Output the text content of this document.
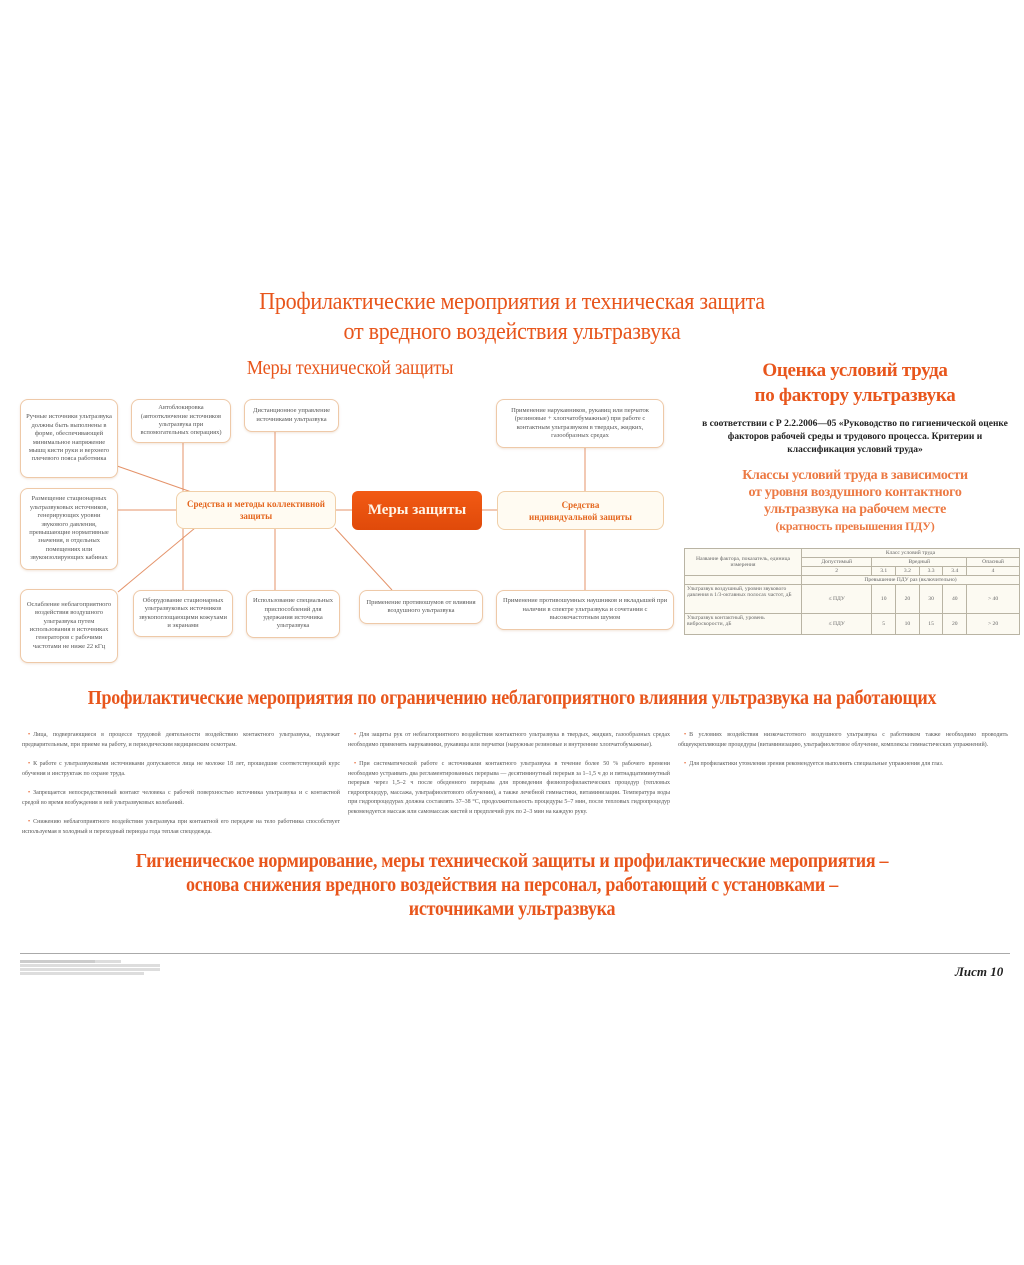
Профилактические мероприятия и техническая защита
от вредного воздействия ультразвука
Меры технической защиты
Ручные источники ультразвука должны быть выполнены в форме, обеспечивающей минимальное напряжение мышц кисти руки и верхнего плечевого пояса работника
Автоблокировка (автоотключение источников ультразвука при вспомогательных операциях)
Дистанционное управление источниками ультразвука
Размещение стационарных ультразвуковых источников, генерирующих уровни звукового давления, превышающие нормативные значения, в отдельных помещениях или звукоизолирующих кабинах
Ослабление неблагоприятного воздействия воздушного ультразвука путем использования в источниках генераторов с рабочими частотами не ниже 22 кГц
Оборудование стационарных ультразвуковых источников звукопоглощающими кожухами и экранами
Использование специальных приспособлений для удержания источника ультразвука
Применение противошумов от влияния воздушного ультразвука
Средства и методы коллективной защиты	Меры защиты	Средства индивидуальной защиты
Применение нарукавников, рукавиц или перчаток (резиновые + хлопчатобумажные) при работе с контактным ультразвуком в твердых, жидких, газообразных средах
Применение противошумных наушников и вкладышей при наличии в спектре ультразвука и сочетании с высокочастотным шумом
Оценка условий труда
по фактору ультразвука
в соответствии с Р 2.2.2006—05 «Руководство по гигиенической оценке факторов рабочей среды и трудового процесса. Критерии и классификация условий труда»
Классы условий труда в зависимости
от уровня воздушного контактного
ультразвука на рабочем месте
(кратность превышения ПДУ)
Название фактора, показатель, единица измерения	Класс условий труда					
	Допустимый	Вредный				Опасный
	2	3.1	3.2	3.3	3.4	4
	Превышение ПДУ раз (включительно)					
Ультразвук воздушный, уровни звукового давления в 1/3-октавных полосах частот, дБ	≤ ПДУ	10	20	30	40	> 40
Ультразвук контактный, уровень виброскорости, дБ	≤ ПДУ	5	10	15	20	> 20
Профилактические мероприятия по ограничению неблагоприятного влияния ультразвука на работающих

• Лица, подвергающиеся в процессе трудовой деятельности воздействию контактного ультразвука, подлежат предварительным, при приеме на работу, и периодическим медицинским осмотрам.

• К работе с ультразвуковыми источниками допускаются лица не моложе 18 лет, прошедшие соответствующий курс обучения и инструктаж по охране труда.

• Запрещается непосредственный контакт человека с рабочей поверхностью источника ультразвука и с контактной средой во время возбуждения в ней ультразвуковых колебаний.

• Снижению неблагоприятного воздействия ультразвука при контактной его передаче на тело работника способствует используемая в холодный и переходный периоды года теплая спецодежда.

• Для защиты рук от неблагоприятного воздействия контактного ультразвука в твердых, жидких, газообразных средах необходимо применять нарукавники, рукавицы или перчатки (наружные резиновые и внутренние хлопчатобумажные).

• При систематической работе с источниками контактного ультразвука в течение более 50 % рабочего времени необходимо устраивать два регламентированных перерыва — десятиминутный перерыв за 1–1,5 ч до и пятнадцатиминутный перерыв через 1,5–2 ч после обеденного перерыва для проведения физиопрофилактических процедур (тепловых гидропроцедур, массажа, ультрафиолетового облучения), а также лечебной гимнастики, витаминизации. Температура воды при гидропроцедурах должна составлять 37–38 °С, продолжительность процедуры 5–7 мин, после тепловых гидропроцедур рекомендуется массаж или самомассаж кистей и предплечий рук по 2–3 мин на каждую руку.

• В условиях воздействия низкочастотного воздушного ультразвука с работником также необходимо проводить общеукрепляющие процедуры (витаминизацию, ультрафиолетовое облучение, комплексы гимнастических упражнений).

• Для профилактики утомления зрения рекомендуется выполнять специальные упражнения для глаз.

Гигиеническое нормирование, меры технической защиты и профилактические мероприятия –
основа снижения вредного воздействия на персонал, работающий с установками –
источниками ультразвука
Лист 10
